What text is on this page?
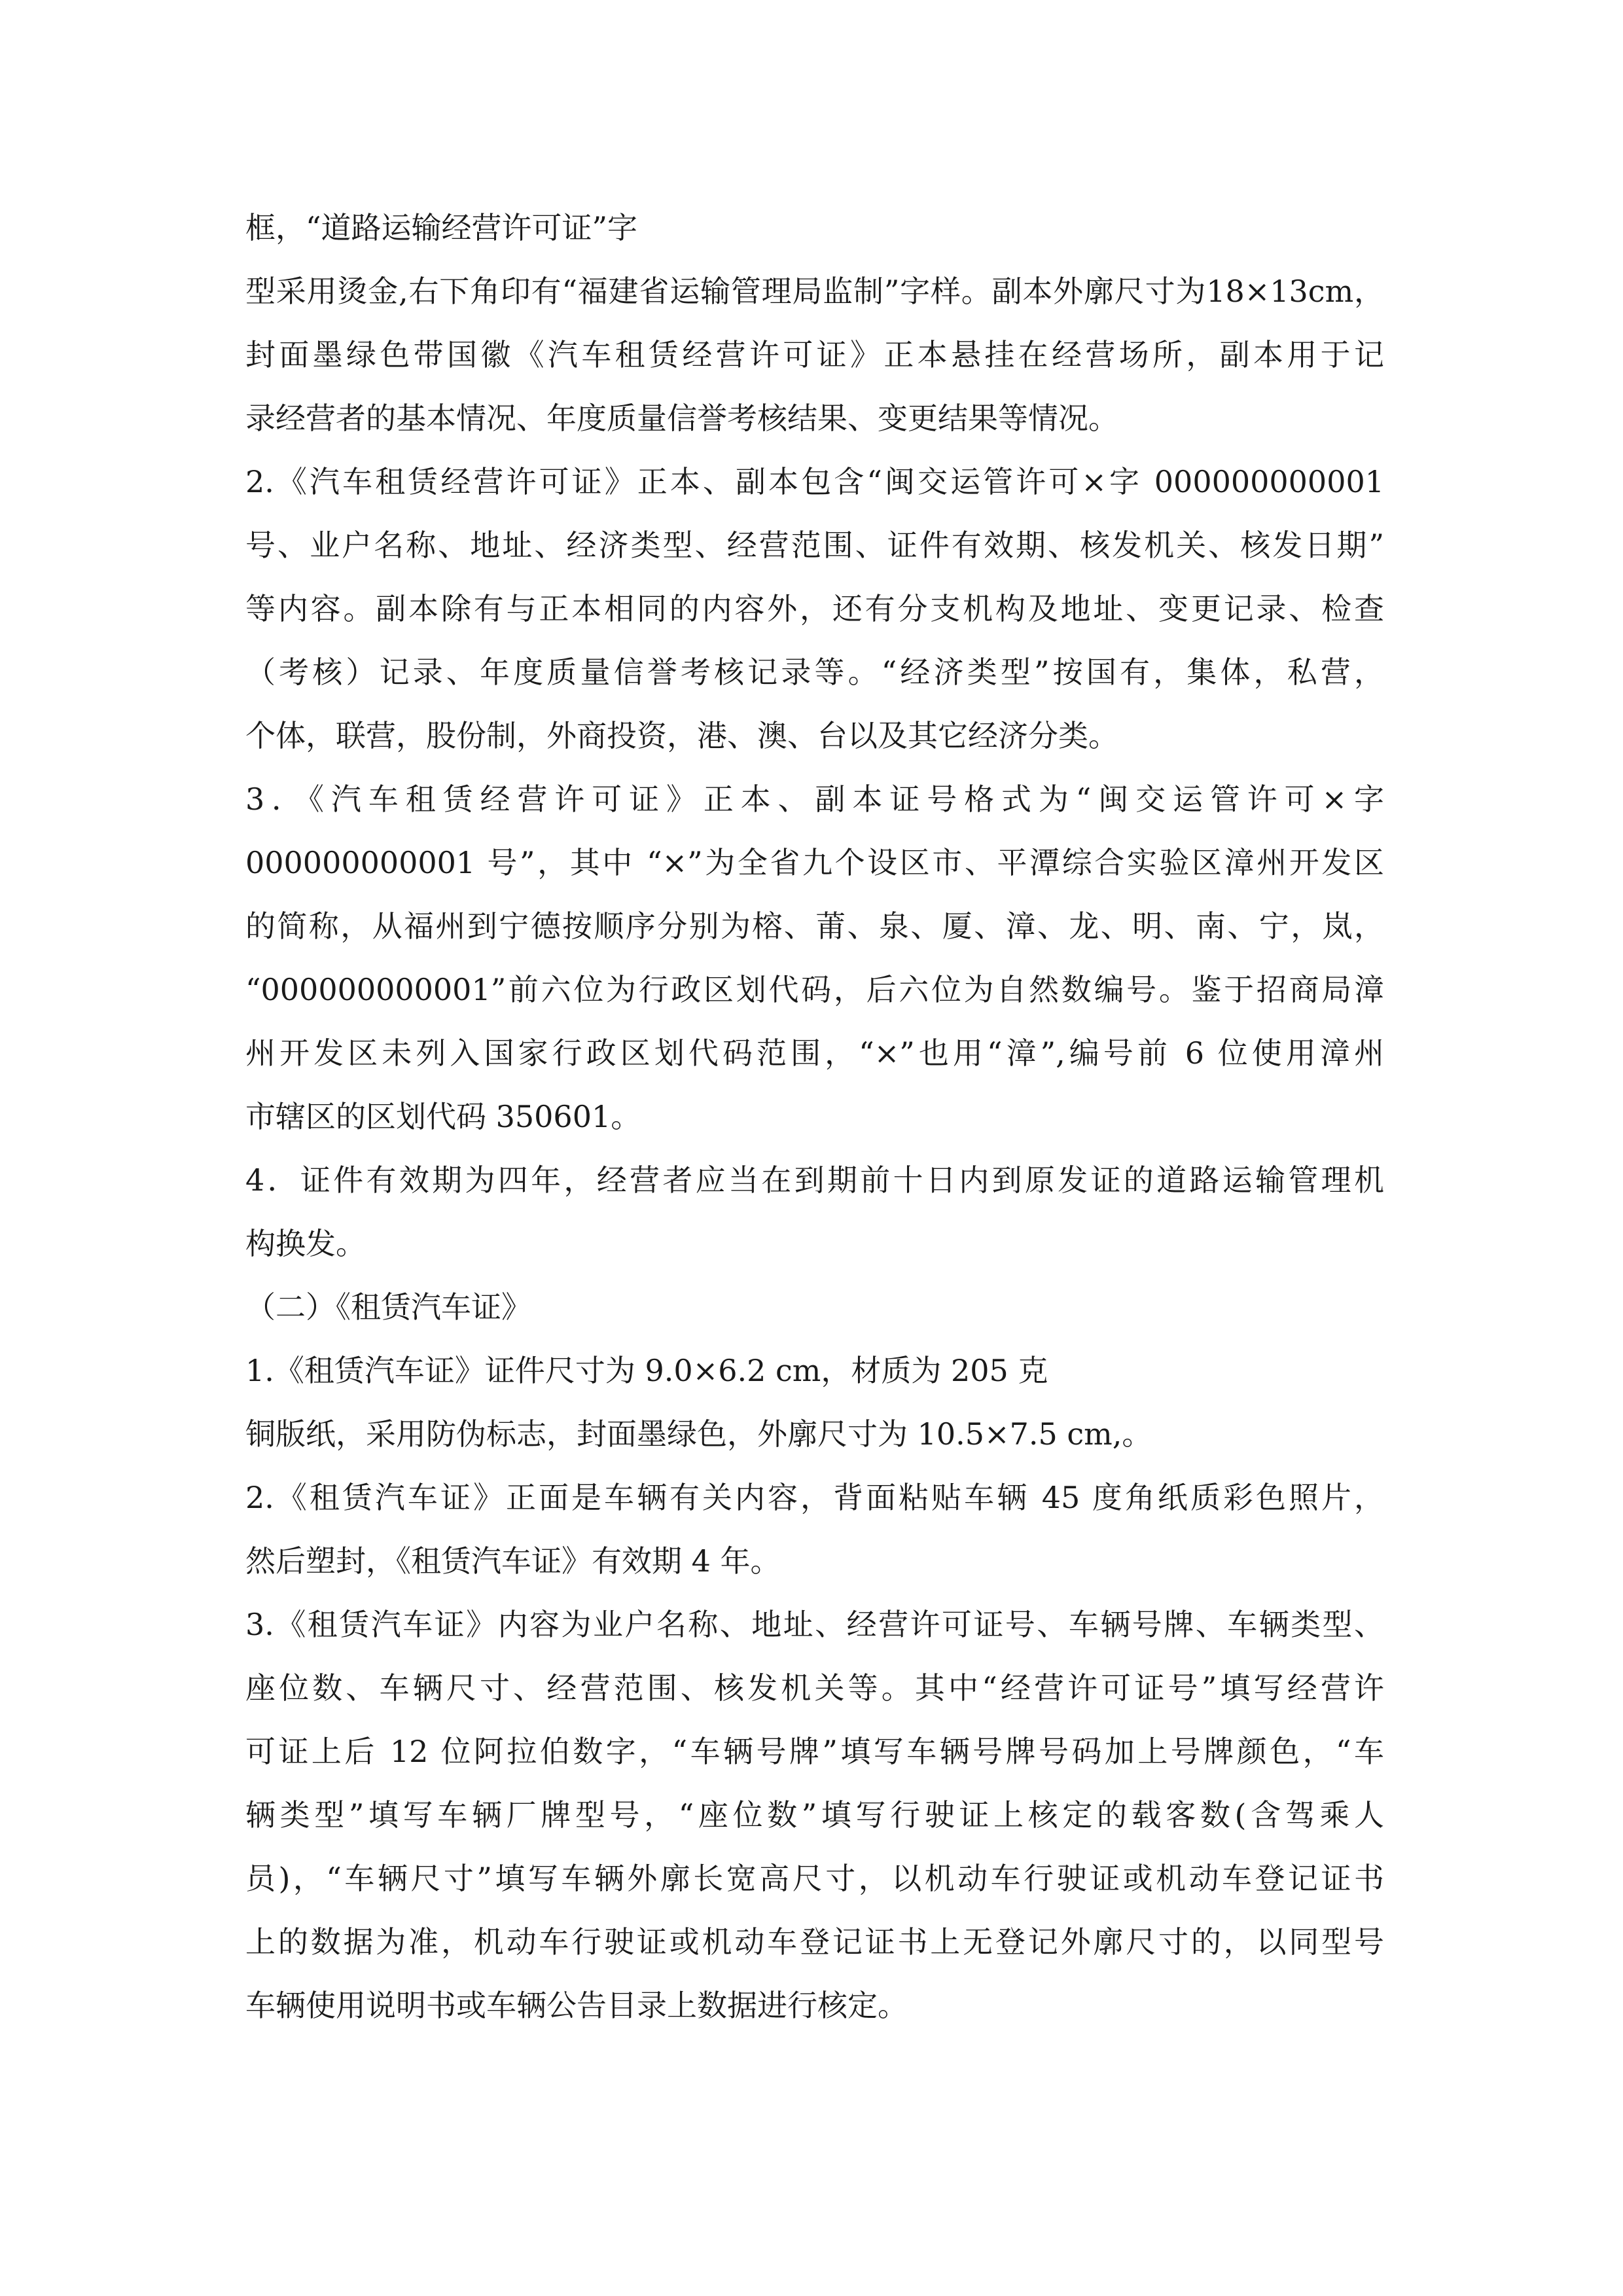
框，“道路运输经营许可证”字
型采用烫金,右下角印有“福建省运输管理局监制”字样。副本外廓尺寸为18×13cm，
封面墨绿色带国徽《汽车租赁经营许可证》正本悬挂在经营场所，副本用于记
录经营者的基本情况、年度质量信誉考核结果、变更结果等情况。
2.《汽车租赁经营许可证》正本、副本包含“闽交运管许可×字 000000000001
号、业户名称、地址、经济类型、经营范围、证件有效期、核发机关、核发日期”
等内容。副本除有与正本相同的内容外，还有分支机构及地址、变更记录、检查
（考核）记录、年度质量信誉考核记录等。“经济类型”按国有，集体，私营，
个体，联营，股份制，外商投资，港、澳、台以及其它经济分类。
3．《汽车租赁经营许可证》正本、副本证号格式为“闽交运管许可×字
000000000001 号”，其中 “×”为全省九个设区市、平潭综合实验区漳州开发区
的简称，从福州到宁德按顺序分别为榕、莆、泉、厦、漳、龙、明、南、宁，岚，
“000000000001”前六位为行政区划代码，后六位为自然数编号。鉴于招商局漳
州开发区未列入国家行政区划代码范围，“×”也用“漳”,编号前 6 位使用漳州
市辖区的区划代码 350601。
4．证件有效期为四年，经营者应当在到期前十日内到原发证的道路运输管理机
构换发。
（二）《租赁汽车证》
1.《租赁汽车证》证件尺寸为 9.0×6.2 cm，材质为 205 克
铜版纸，采用防伪标志，封面墨绿色，外廓尺寸为 10.5×7.5 cm,。
2.《租赁汽车证》正面是车辆有关内容，背面粘贴车辆 45 度角纸质彩色照片，
然后塑封，《租赁汽车证》有效期 4 年。
3.《租赁汽车证》内容为业户名称、地址、经营许可证号、车辆号牌、车辆类型、
座位数、车辆尺寸、经营范围、核发机关等。其中“经营许可证号”填写经营许
可证上后 12 位阿拉伯数字，“车辆号牌”填写车辆号牌号码加上号牌颜色，“车
辆类型”填写车辆厂牌型号，“座位数”填写行驶证上核定的载客数(含驾乘人
员)，“车辆尺寸”填写车辆外廓长宽高尺寸，以机动车行驶证或机动车登记证书
上的数据为准，机动车行驶证或机动车登记证书上无登记外廓尺寸的，以同型号
车辆使用说明书或车辆公告目录上数据进行核定。
